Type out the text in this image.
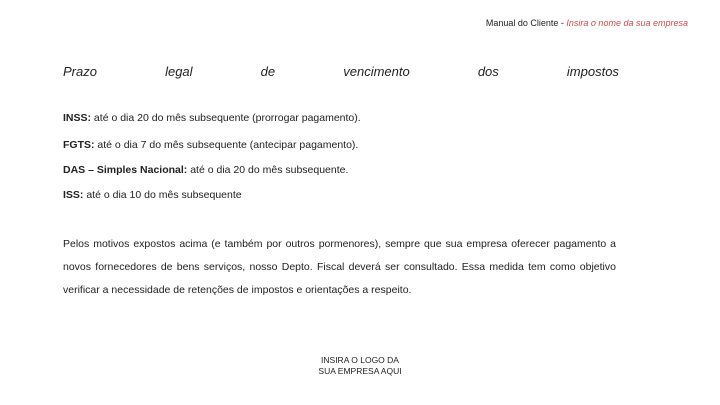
Manual do Cliente - Insira o nome da sua empresa
Prazo	legal	de	vencimento	dos	impostos
INSS: até o dia 20 do mês subsequente (prorrogar pagamento).
FGTS: até o dia 7 do mês subsequente (antecipar pagamento).
DAS – Simples Nacional: até o dia 20 do mês subsequente.
ISS: até o dia 10 do mês subsequente
Pelos motivos expostos acima (e também por outros pormenores), sempre que sua empresa oferecer pagamento a novos fornecedores de bens serviços, nosso Depto. Fiscal deverá ser consultado. Essa medida tem como objetivo verificar a necessidade de retenções de impostos e orientações a respeito.
INSIRA O LOGO DA
SUA EMPRESA AQUI
